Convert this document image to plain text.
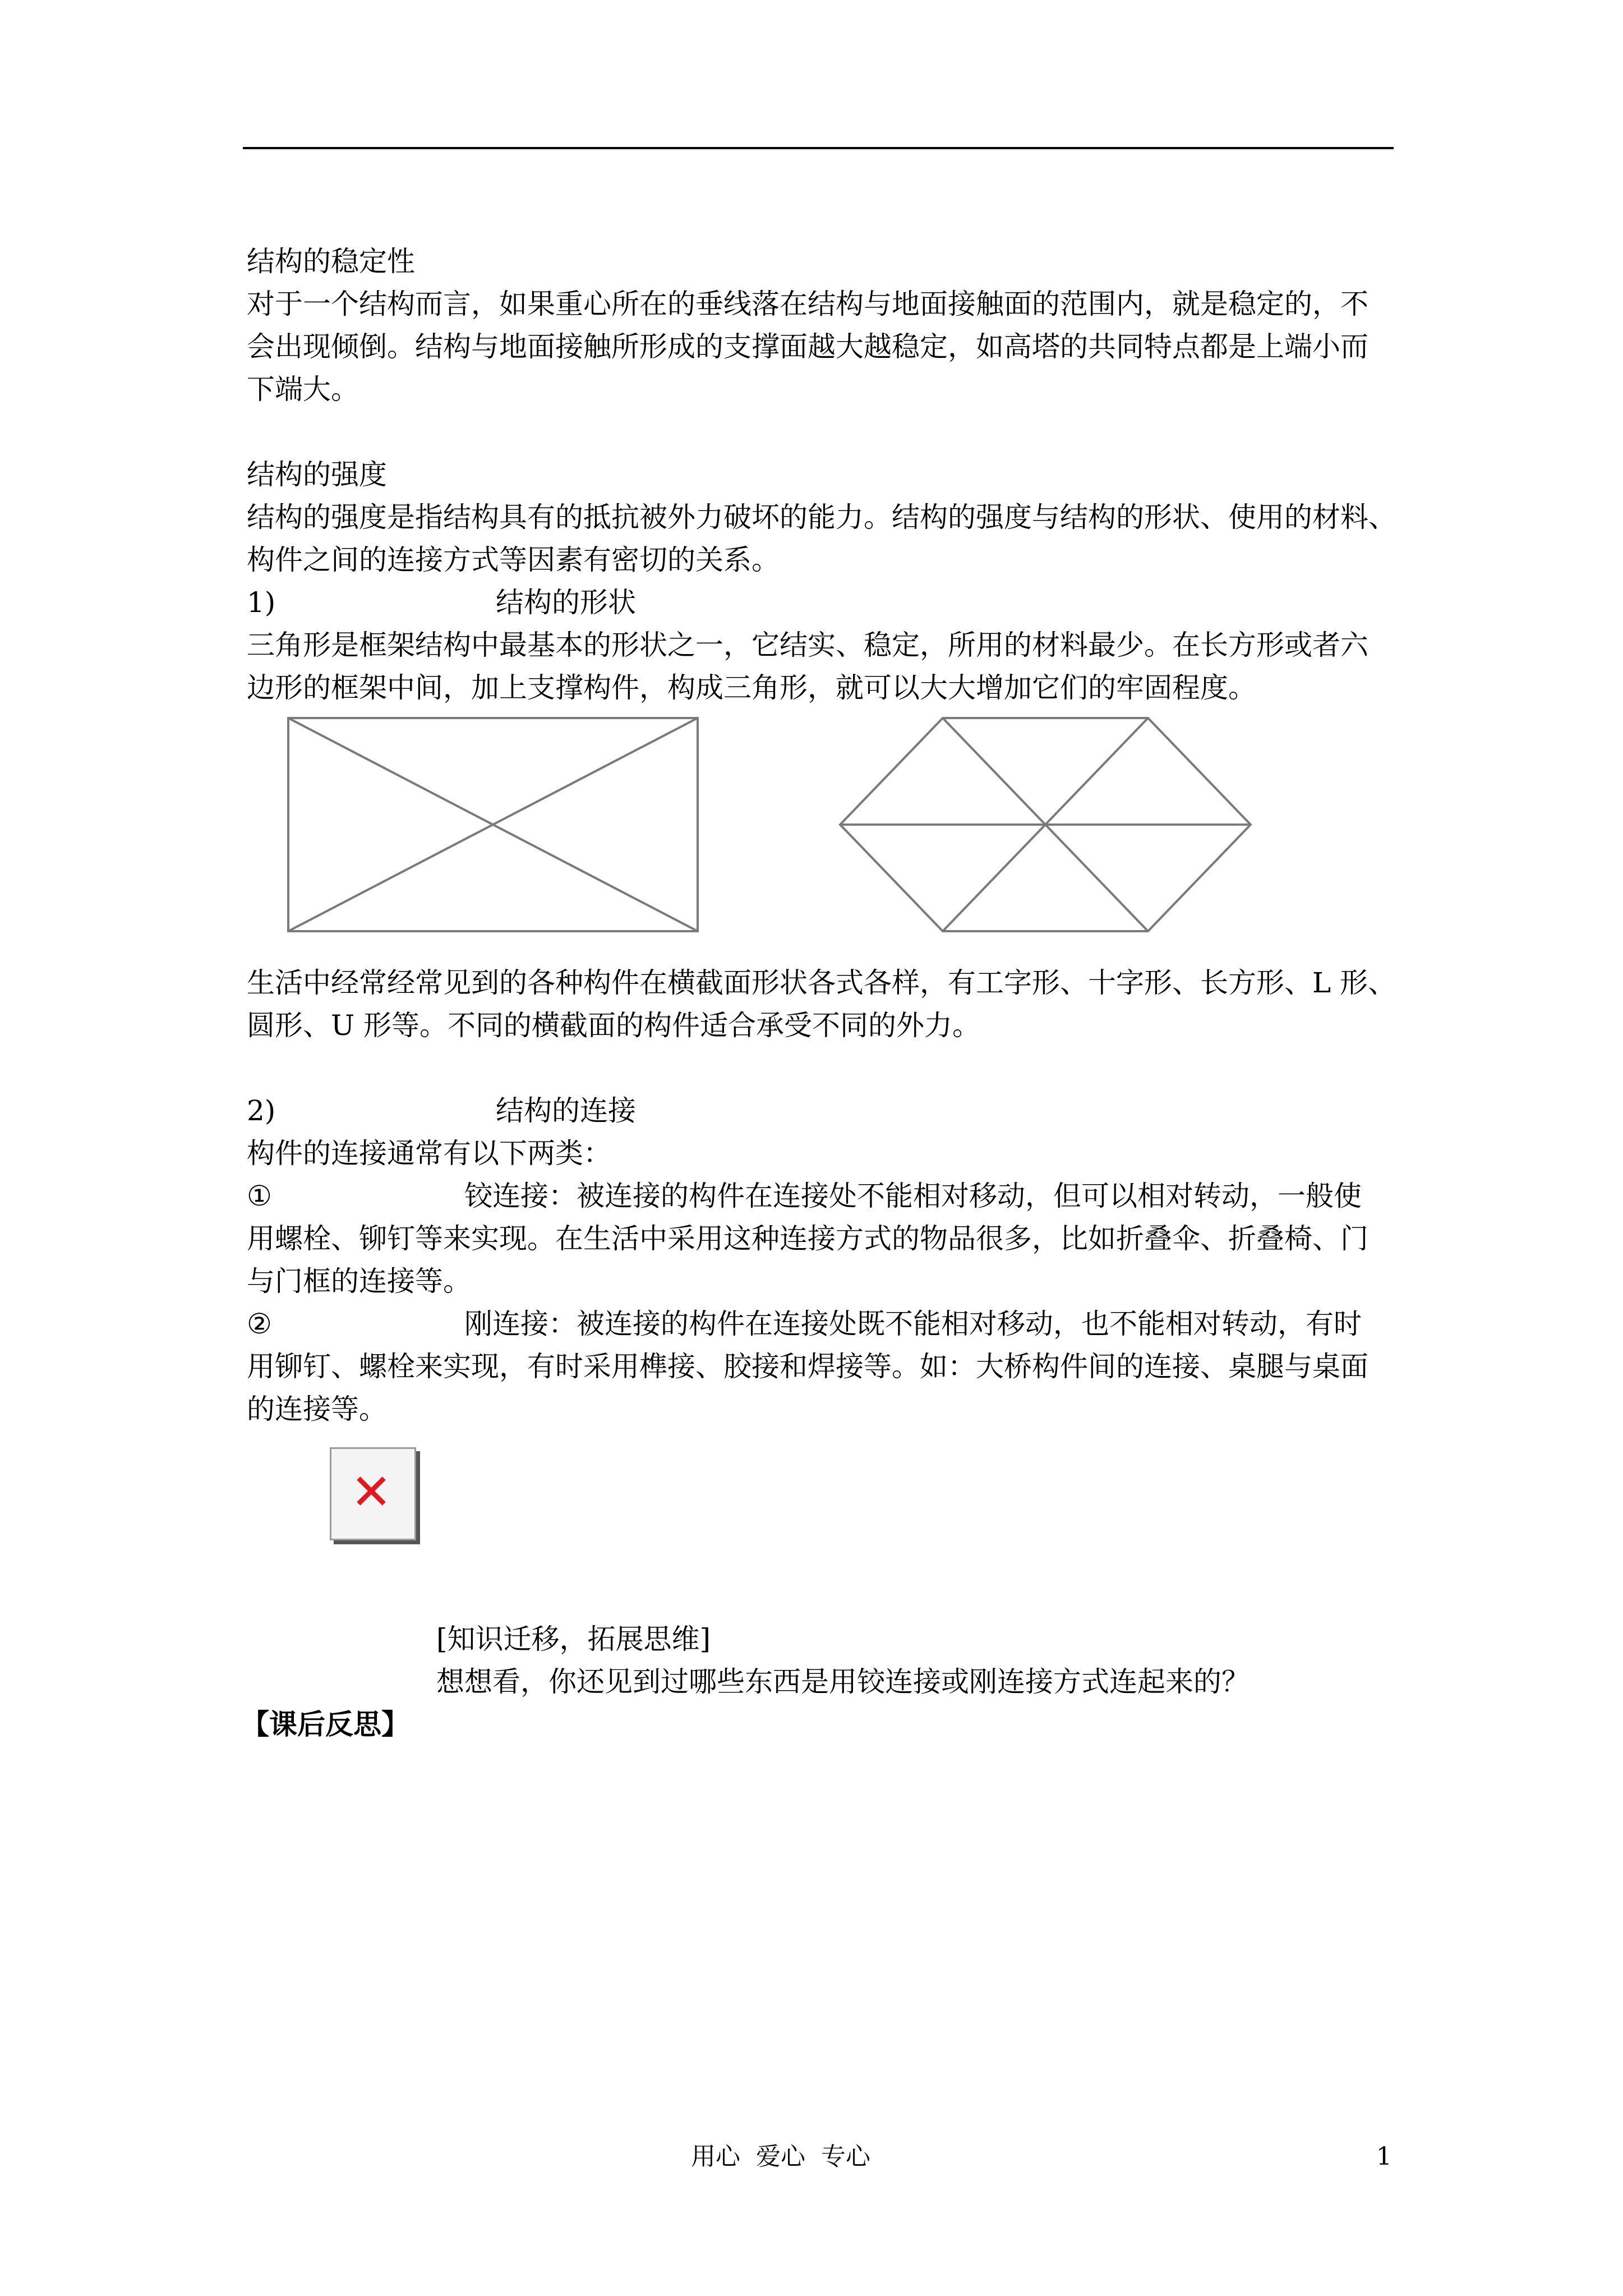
结构的稳定性

对于一个结构而言，如果重心所在的垂线落在结构与地面接触面的范围内，就是稳定的，不

会出现倾倒。结构与地面接触所形成的支撑面越大越稳定，如高塔的共同特点都是上端小而

下端大。

结构的强度

结构的强度是指结构具有的抵抗被外力破坏的能力。结构的强度与结构的形状、使用的材料、

构件之间的连接方式等因素有密切的关系。

1)	结构的形状

三角形是框架结构中最基本的形状之一，它结实、稳定，所用的材料最少。在长方形或者六

边形的框架中间，加上支撑构件，构成三角形，就可以大大增加它们的牢固程度。

生活中经常经常见到的各种构件在横截面形状各式各样，有工字形、十字形、长方形、L 形、

圆形、U 形等。不同的横截面的构件适合承受不同的外力。

2)	结构的连接

构件的连接通常有以下两类：

①	铰连接：被连接的构件在连接处不能相对移动，但可以相对转动，一般使

用螺栓、铆钉等来实现。在生活中采用这种连接方式的物品很多，比如折叠伞、折叠椅、门

与门框的连接等。

②	刚连接：被连接的构件在连接处既不能相对移动，也不能相对转动，有时

用铆钉、螺栓来实现，有时采用榫接、胶接和焊接等。如：大桥构件间的连接、桌腿与桌面

的连接等。

✕

[知识迁移，拓展思维]

想想看，你还见到过哪些东西是用铰连接或刚连接方式连起来的？

【课后反思】

用心  爱心  专心	1
